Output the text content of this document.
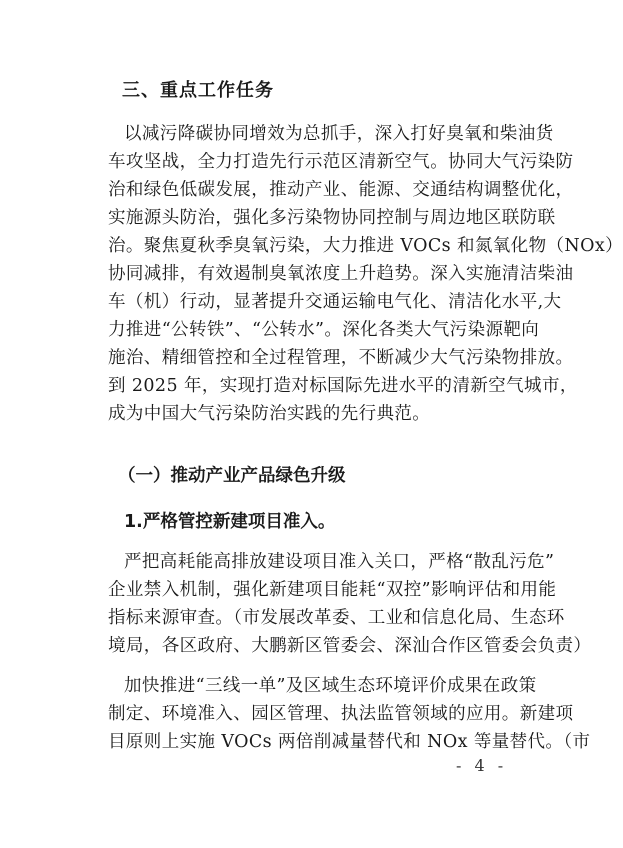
三、重点工作任务
以减污降碳协同增效为总抓手，深入打好臭氧和柴油货
车攻坚战，全力打造先行示范区清新空气。协同大气污染防
治和绿色低碳发展，推动产业、能源、交通结构调整优化，
实施源头防治，强化多污染物协同控制与周边地区联防联
治。聚焦夏秋季臭氧污染，大力推进 VOCs 和氮氧化物（NOx）
协同减排，有效遏制臭氧浓度上升趋势。深入实施清洁柴油
车（机）行动，显著提升交通运输电气化、清洁化水平,大
力推进“公转铁”、“公转水”。深化各类大气污染源靶向
施治、精细管控和全过程管理，不断减少大气污染物排放。
到 2025 年，实现打造对标国际先进水平的清新空气城市，
成为中国大气污染防治实践的先行典范。
（一）推动产业产品绿色升级
1.严格管控新建项目准入。
严把高耗能高排放建设项目准入关口，严格“散乱污危”
企业禁入机制，强化新建项目能耗“双控”影响评估和用能
指标来源审查。（市发展改革委、工业和信息化局、生态环
境局，各区政府、大鹏新区管委会、深汕合作区管委会负责）
加快推进“三线一单”及区域生态环境评价成果在政策
制定、环境准入、园区管理、执法监管领域的应用。新建项
目原则上实施 VOCs 两倍削减量替代和 NOx 等量替代。（市
- 4 -
